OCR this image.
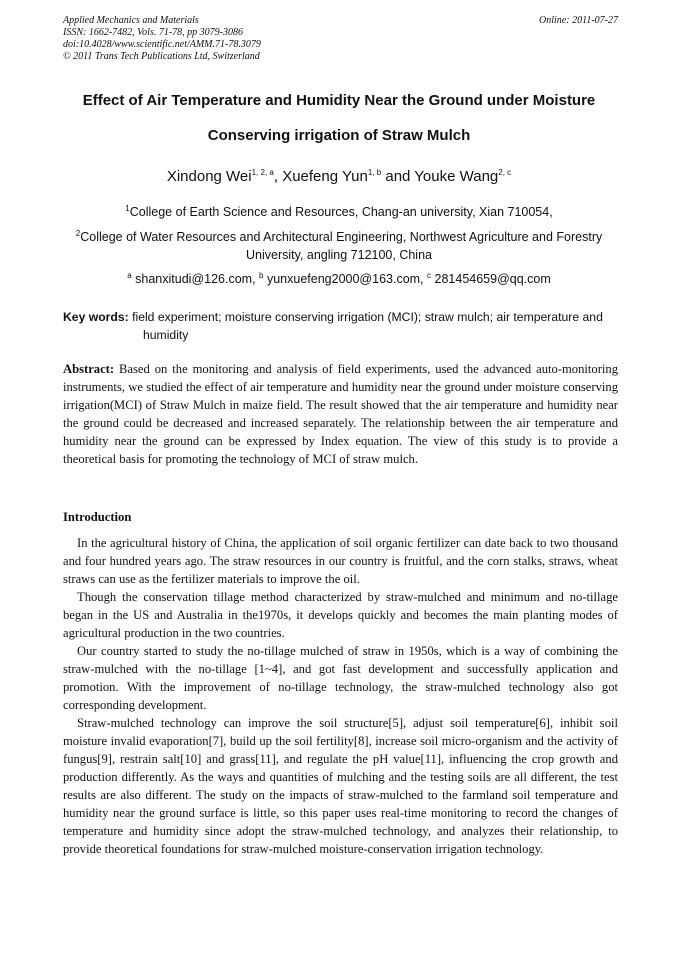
Applied Mechanics and Materials	Online: 2011-07-27
ISSN: 1662-7482, Vols. 71-78, pp 3079-3086
doi:10.4028/www.scientific.net/AMM.71-78.3079
© 2011 Trans Tech Publications Ltd, Switzerland
Effect of Air Temperature and Humidity Near the Ground under Moisture
Conserving irrigation of Straw Mulch
Xindong Wei$^{1, 2, a}$, Xuefeng Yun$^{1, b}$ and Youke Wang$^{2, c}$
$^1$College of Earth Science and Resources, Chang-an university, Xian 710054,
$^2$College of Water Resources and Architectural Engineering, Northwest Agriculture and Forestry University, angling 712100, China
$^a$ shanxitudi@126.com, $^b$ yunxuefeng2000@163.com, $^c$ 281454659@qq.com
Key words: field experiment; moisture conserving irrigation (MCI); straw mulch; air temperature and humidity
Abstract: Based on the monitoring and analysis of field experiments, used the advanced auto-monitoring instruments, we studied the effect of air temperature and humidity near the ground under moisture conserving irrigation(MCI) of Straw Mulch in maize field. The result showed that the air temperature and humidity near the ground could be decreased and increased separately. The relationship between the air temperature and humidity near the ground can be expressed by Index equation. The view of this study is to provide a theoretical basis for promoting the technology of MCI of straw mulch.
Introduction

In the agricultural history of China, the application of soil organic fertilizer can date back to two thousand and four hundred years ago. The straw resources in our country is fruitful, and the corn stalks, straws, wheat straws can use as the fertilizer materials to improve the oil.

Though the conservation tillage method characterized by straw-mulched and minimum and no-tillage began in the US and Australia in the1970s, it develops quickly and becomes the main planting modes of agricultural production in the two countries.

Our country started to study the no-tillage mulched of straw in 1950s, which is a way of combining the straw-mulched with the no-tillage [1~4], and got fast development and successfully application and promotion. With the improvement of no-tillage technology, the straw-mulched technology also got corresponding development.

Straw-mulched technology can improve the soil structure[5], adjust soil temperature[6], inhibit soil moisture invalid evaporation[7], build up the soil fertility[8], increase soil micro-organism and the activity of fungus[9], restrain salt[10] and grass[11], and regulate the pH value[11], influencing the crop growth and production differently. As the ways and quantities of mulching and the testing soils are all different, the test results are also different. The study on the impacts of straw-mulched to the farmland soil temperature and humidity near the ground surface is little, so this paper uses real-time monitoring to record the changes of temperature and humidity since adopt the straw-mulched technology, and analyzes their relationship, to provide theoretical foundations for straw-mulched moisture-conservation irrigation technology.
